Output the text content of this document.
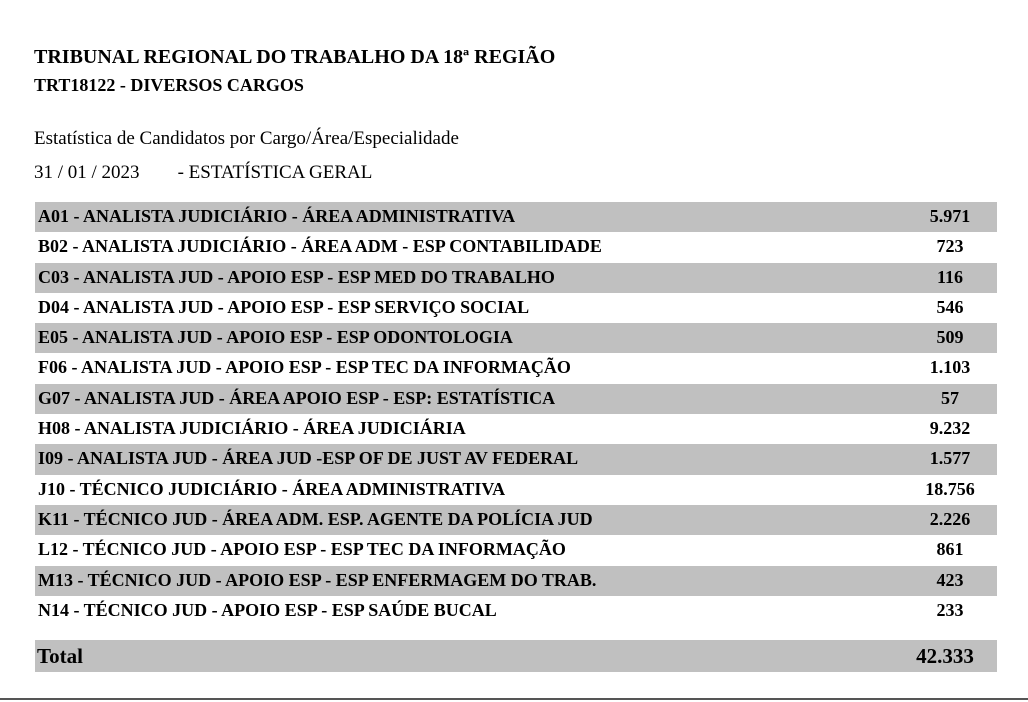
TRIBUNAL REGIONAL DO TRABALHO DA 18ª REGIÃO
TRT18122 - DIVERSOS CARGOS
Estatística de Candidatos por Cargo/Área/Especialidade
31 / 01 / 2023 - ESTATÍSTICA GERAL
A01 - ANALISTA JUDICIÁRIO - ÁREA ADMINISTRATIVA	5.971
B02 - ANALISTA JUDICIÁRIO - ÁREA ADM - ESP CONTABILIDADE	723
C03 - ANALISTA JUD - APOIO ESP - ESP MED DO TRABALHO	116
D04 - ANALISTA JUD - APOIO ESP - ESP SERVIÇO SOCIAL	546
E05 - ANALISTA JUD - APOIO ESP - ESP ODONTOLOGIA	509
F06 - ANALISTA JUD - APOIO ESP - ESP TEC DA INFORMAÇÃO	1.103
G07 - ANALISTA JUD - ÁREA APOIO ESP - ESP: ESTATÍSTICA	57
H08 - ANALISTA JUDICIÁRIO - ÁREA JUDICIÁRIA	9.232
I09 - ANALISTA JUD - ÁREA JUD -ESP OF DE JUST AV FEDERAL	1.577
J10 - TÉCNICO JUDICIÁRIO - ÁREA ADMINISTRATIVA	18.756
K11 - TÉCNICO JUD - ÁREA ADM. ESP. AGENTE DA POLÍCIA JUD	2.226
L12 - TÉCNICO JUD - APOIO ESP - ESP TEC DA INFORMAÇÃO	861
M13 - TÉCNICO JUD - APOIO ESP - ESP ENFERMAGEM DO TRAB.	423
N14 - TÉCNICO JUD - APOIO ESP - ESP SAÚDE BUCAL	233
Total	42.333
